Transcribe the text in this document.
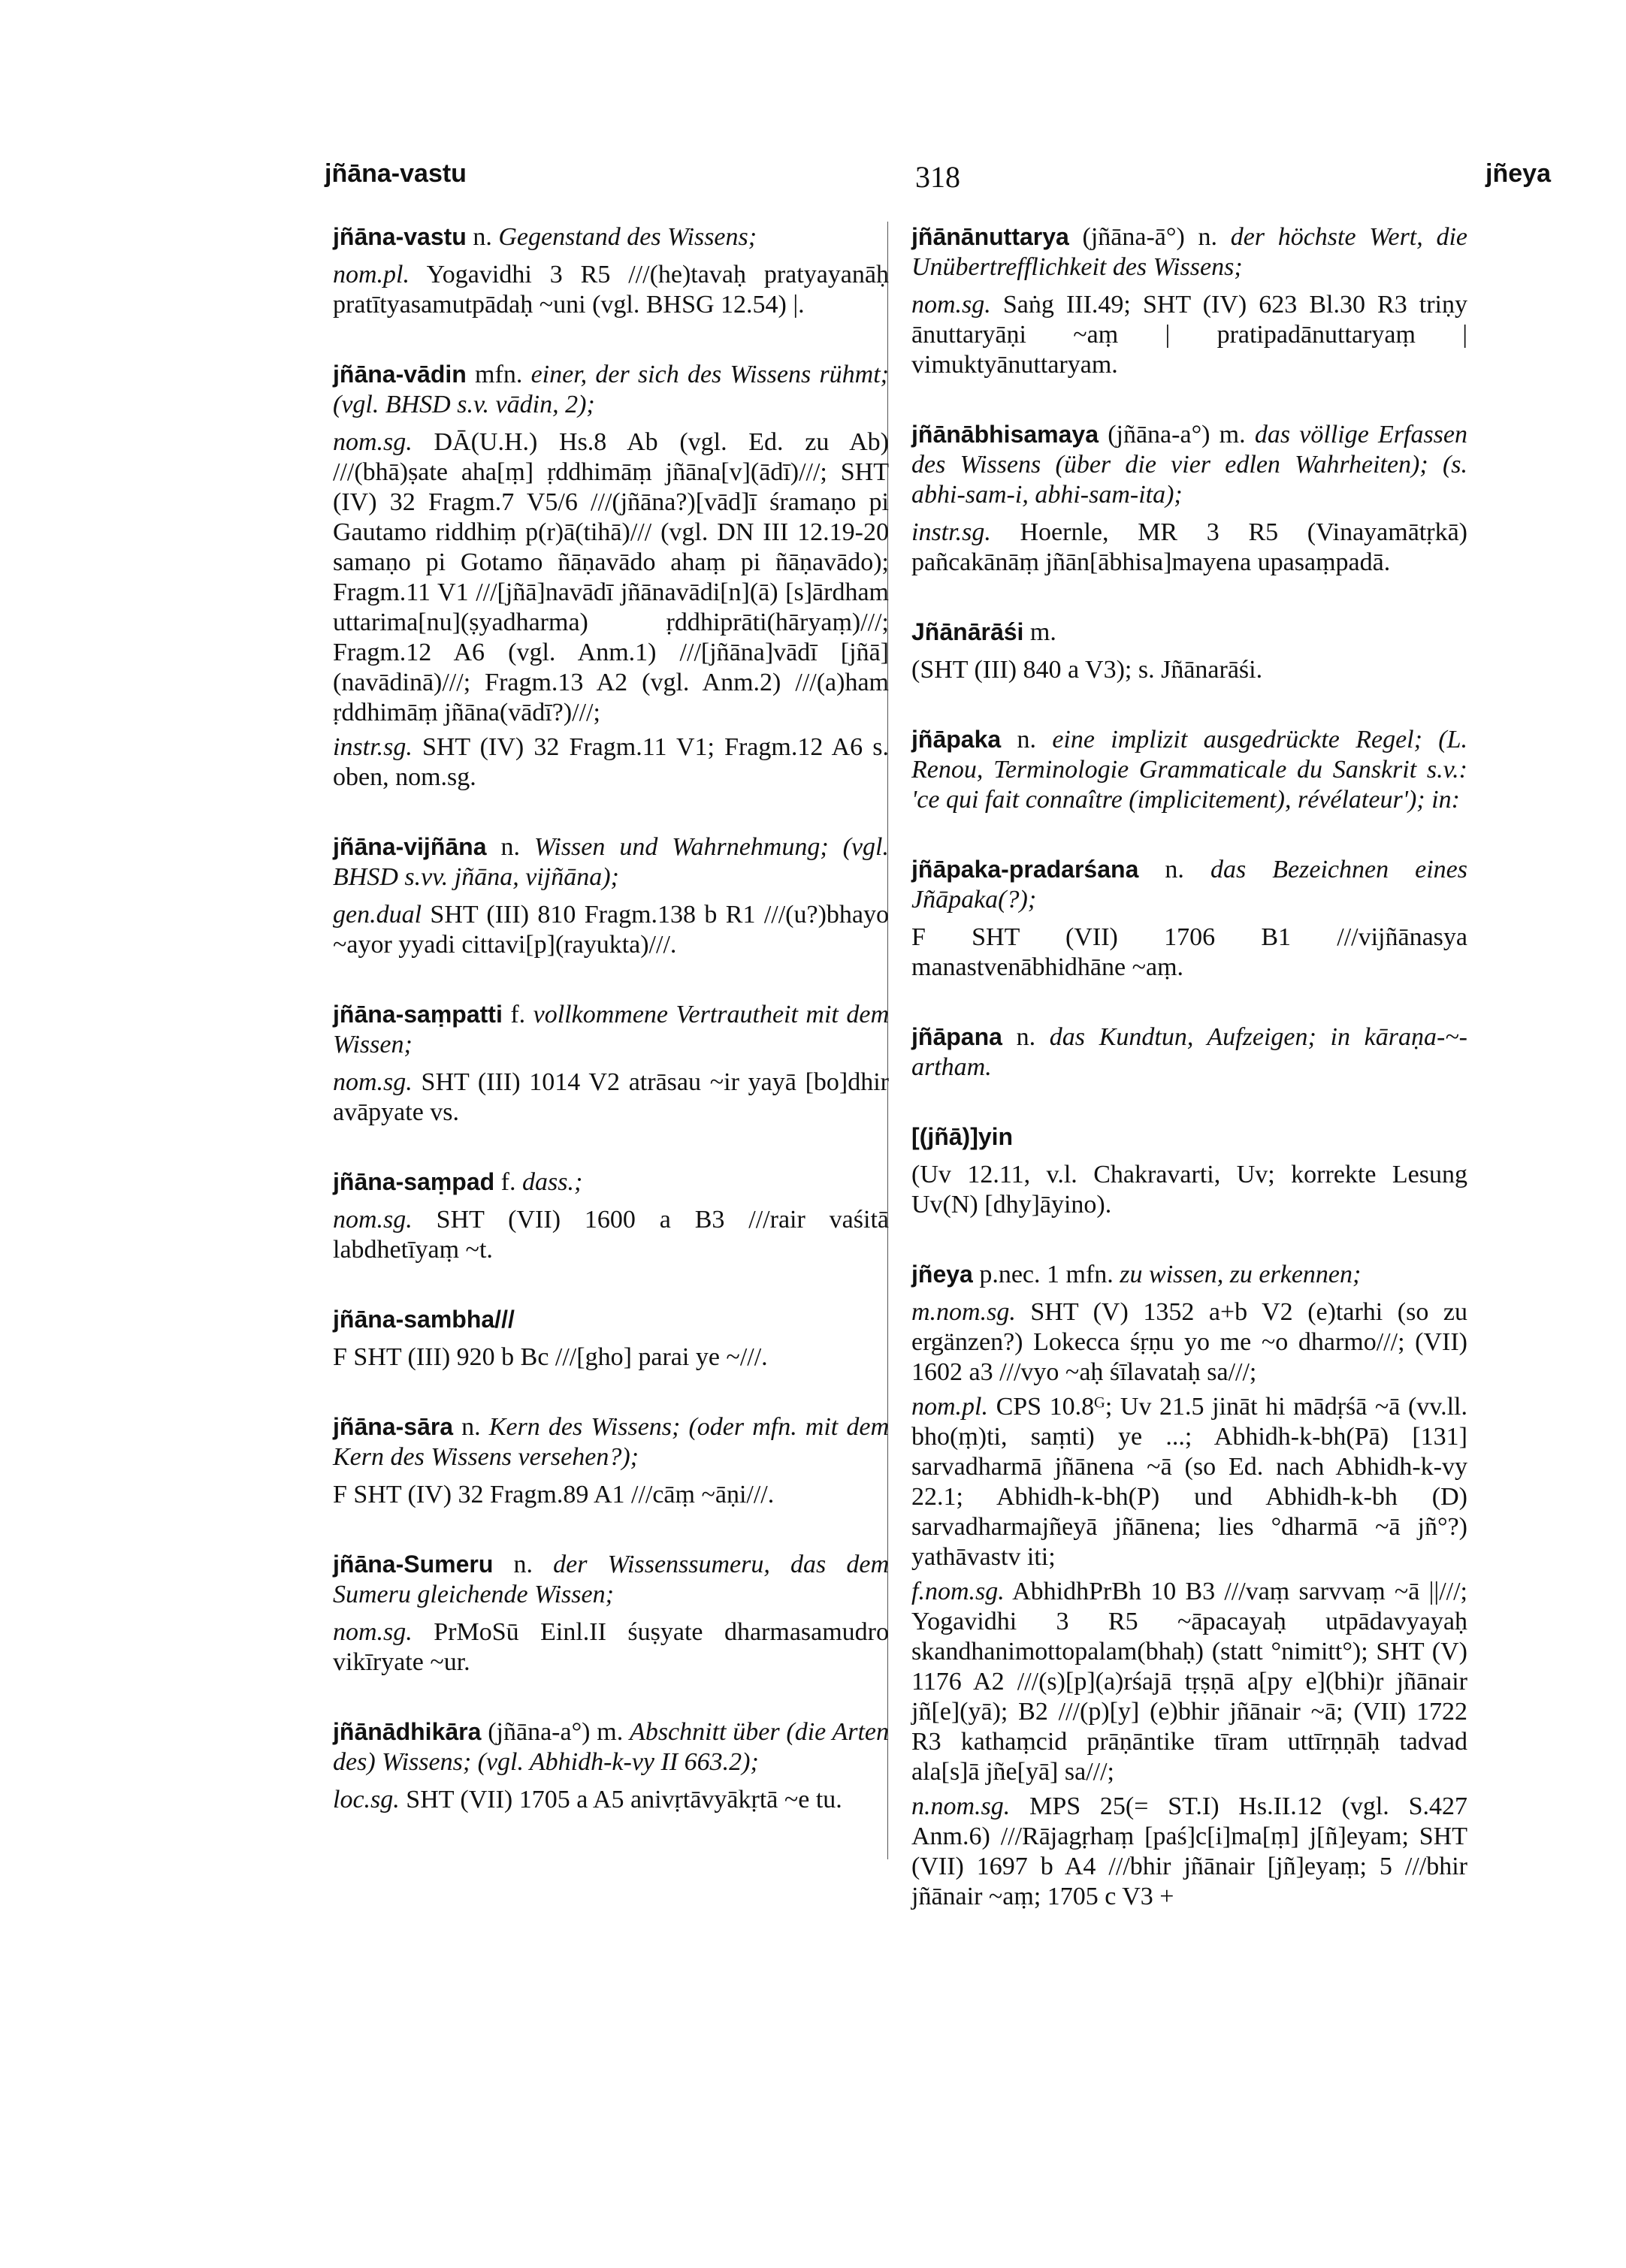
jñāna-vastu	318	jñeya

jñāna-vastu n. Gegenstand des Wissens;

nom.pl. Yogavidhi 3 R5 ///(he)tavaḥ pratyayanāḥ pratītyasamutpādaḥ ~uni (vgl. BHSG 12.54) |.

jñāna-vādin mfn. einer, der sich des Wissens rühmt; (vgl. BHSD s.v. vādin, 2);

nom.sg. DĀ(U.H.) Hs.8 Ab (vgl. Ed. zu Ab) ///(bhā)ṣate aha[ṃ] ṛddhimāṃ jñāna[v](ādī)///; SHT (IV) 32 Fragm.7 V5/6 ///(jñāna?)[vād]ī śramaṇo pi Gautamo riddhiṃ p(r)ā(tihā)/// (vgl. DN III 12.19-20 samaṇo pi Gotamo ñāṇavādo ahaṃ pi ñāṇavādo); Fragm.11 V1 ///[jñā]navādī jñānavādi[n](ā) [s]ārdham uttarima[nu](ṣyadharma) ṛddhiprāti(hāryaṃ)///; Fragm.12 A6 (vgl. Anm.1) ///[jñāna]vādī [jñā](navādinā)///; Fragm.13 A2 (vgl. Anm.2) ///(a)ham ṛddhimāṃ jñāna(vādī?)///;

instr.sg. SHT (IV) 32 Fragm.11 V1; Fragm.12 A6 s. oben, nom.sg.

jñāna-vijñāna n. Wissen und Wahrnehmung; (vgl. BHSD s.vv. jñāna, vijñāna);

gen.dual SHT (III) 810 Fragm.138 b R1 ///(u?)bhayo ~ayor yyadi cittavi[p](rayukta)///.

jñāna-saṃpatti f. vollkommene Vertrautheit mit dem Wissen;

nom.sg. SHT (III) 1014 V2 atrāsau ~ir yayā [bo]dhir avāpyate vs.

jñāna-saṃpad f. dass.;

nom.sg. SHT (VII) 1600 a B3 ///rair vaśitā labdhetīyaṃ ~t.

jñāna-sambha///

F SHT (III) 920 b Bc ///[gho] parai ye ~///.

jñāna-sāra n. Kern des Wissens; (oder mfn. mit dem Kern des Wissens versehen?);

F SHT (IV) 32 Fragm.89 A1 ///cāṃ ~āṇi///.

jñāna-Sumeru n. der Wissenssumeru, das dem Sumeru gleichende Wissen;

nom.sg. PrMoSū Einl.II śuṣyate dharmasamudro vikīryate ~ur.

jñānādhikāra (jñāna-a°) m. Abschnitt über (die Arten des) Wissens; (vgl. Abhidh-k-vy II 663.2);

loc.sg. SHT (VII) 1705 a A5 anivṛtāvyākṛtā ~e tu.

jñānānuttarya (jñāna-ā°) n. der höchste Wert, die Unübertrefflichkeit des Wissens;

nom.sg. Saṅg III.49; SHT (IV) 623 Bl.30 R3 triṇy ānuttaryāṇi ~aṃ | pratipadānuttaryaṃ | vimuktyānuttaryam.

jñānābhisamaya (jñāna-a°) m. das völlige Erfassen des Wissens (über die vier edlen Wahrheiten); (s. abhi-sam-i, abhi-sam-ita);

instr.sg. Hoernle, MR 3 R5 (Vinayamātṛkā) pañcakānāṃ jñān[ābhisa]mayena upasaṃpadā.

Jñānārāśi m.

(SHT (III) 840 a V3); s. Jñānarāśi.

jñāpaka n. eine implizit ausgedrückte Regel; (L. Renou, Terminologie Grammaticale du Sanskrit s.v.: 'ce qui fait connaître (implicitement), révélateur'); in:

jñāpaka-pradarśana n. das Bezeichnen eines Jñāpaka(?);

F SHT (VII) 1706 B1 ///vijñānasya manastvenābhidhāne ~aṃ.

jñāpana n. das Kundtun, Aufzeigen; in kāraṇa-~-artham.

[(jñā)]yin

(Uv 12.11, v.l. Chakravarti, Uv; korrekte Lesung Uv(N) [dhy]āyino).

jñeya p.nec. 1 mfn. zu wissen, zu erkennen;

m.nom.sg. SHT (V) 1352 a+b V2 (e)tarhi (so zu ergänzen?) Lokecca śṛṇu yo me ~o dharmo///; (VII) 1602 a3 ///vyo ~aḥ śīlavataḥ sa///;

nom.pl. CPS 10.8ᴳ; Uv 21.5 jināt hi mādṛśā ~ā (vv.ll. bho(ṃ)ti, saṃti) ye ...; Abhidh-k-bh(Pā) [131] sarvadharmā jñānena ~ā (so Ed. nach Abhidh-k-vy 22.1; Abhidh-k-bh(P) und Abhidh-k-bh (D) sarvadharmajñeyā jñānena; lies °dharmā ~ā jñ°?) yathāvastv iti;

f.nom.sg. AbhidhPrBh 10 B3 ///vaṃ sarvvaṃ ~ā ||///; Yogavidhi 3 R5 ~āpacayaḥ utpādavyayaḥ skandhanimottopalam(bhaḥ) (statt °nimitt°); SHT (V) 1176 A2 ///(s)[p](a)rśajā tṛṣṇā a[py e](bhi)r jñānair jñ[e](yā); B2 ///(p)[y] (e)bhir jñānair ~ā; (VII) 1722 R3 kathaṃcid prāṇāntike tīram uttīrṇṇāḥ tadvad ala[s]ā jñe[yā] sa///;

n.nom.sg. MPS 25(= ST.I) Hs.II.12 (vgl. S.427 Anm.6) ///Rājagṛhaṃ [paś]c[i]ma[ṃ] j[ñ]eyam; SHT (VII) 1697 b A4 ///bhir jñānair [jñ]eyaṃ; 5 ///bhir jñānair ~aṃ; 1705 c V3 +
